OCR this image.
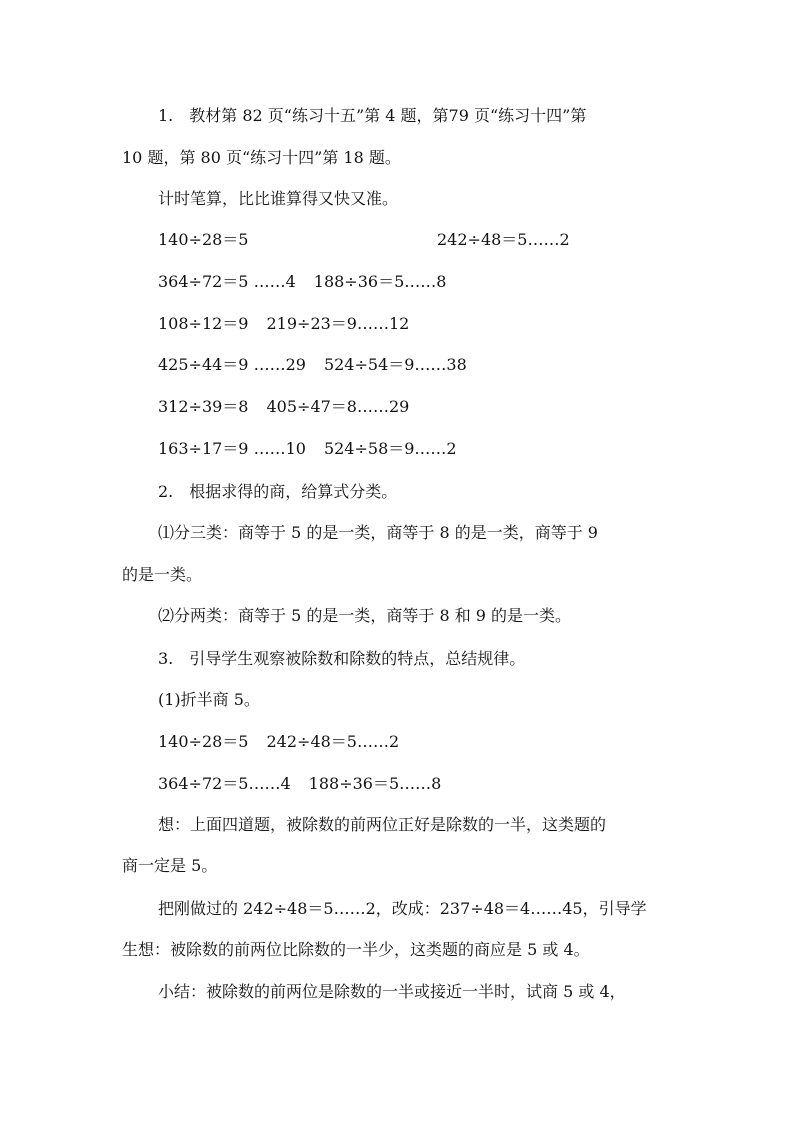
1.　教材第 82 页“练习十五”第 4 题，第79 页“练习十四”第
10 题，第 80 页“练习十四”第 18 题。
计时笔算，比比谁算得又快又准。
140÷28＝5	242÷48＝5……2
364÷72＝5 ……4 188÷36＝5……8
108÷12＝9 219÷23＝9……12
425÷44＝9 ……29 524÷54＝9……38
312÷39＝8 405÷47＝8……29
163÷17＝9 ……10 524÷58＝9……2
2.　根据求得的商，给算式分类。
⑴分三类：商等于 5 的是一类，商等于 8 的是一类，商等于 9
的是一类。
⑵分两类：商等于 5 的是一类，商等于 8 和 9 的是一类。
3.　引导学生观察被除数和除数的特点，总结规律。
(1)折半商 5。
140÷28＝5 242÷48＝5……2
364÷72＝5……4 188÷36＝5……8
想：上面四道题，被除数的前两位正好是除数的一半，这类题的
商一定是 5。
把刚做过的 242÷48＝5……2，改成：237÷48＝4……45，引导学
生想：被除数的前两位比除数的一半少，这类题的商应是 5 或 4。
小结：被除数的前两位是除数的一半或接近一半时，试商 5 或 4，
